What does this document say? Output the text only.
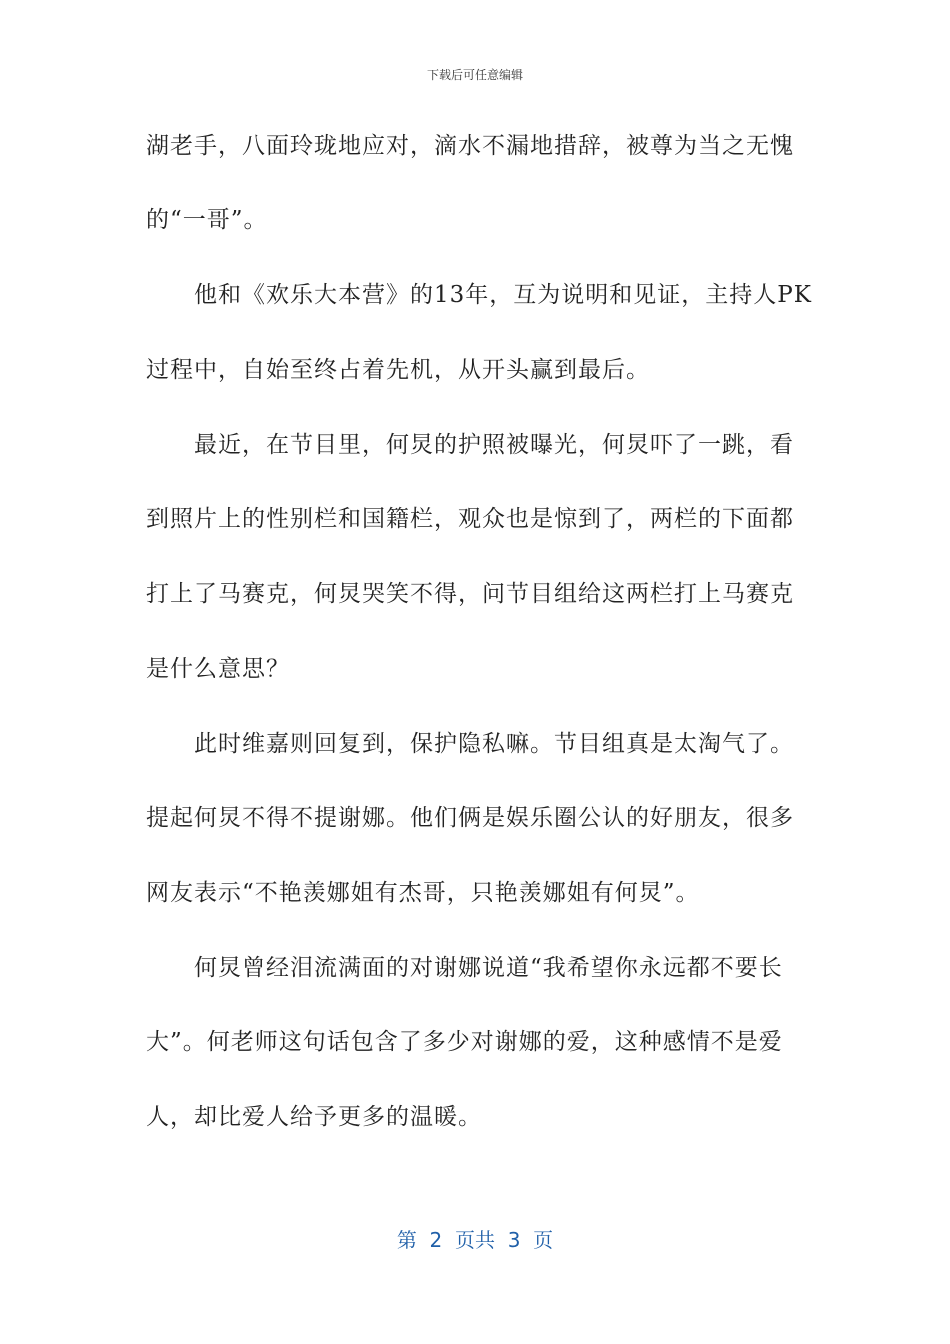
下载后可任意编辑
湖老手，八面玲珑地应对，滴水不漏地措辞，被尊为当之无愧
的“一哥”。
　　他和《欢乐大本营》的13年，互为说明和见证，主持人PK
过程中，自始至终占着先机，从开头赢到最后。
　　最近，在节目里，何炅的护照被曝光，何炅吓了一跳，看
到照片上的性别栏和国籍栏，观众也是惊到了，两栏的下面都
打上了马赛克，何炅哭笑不得，问节目组给这两栏打上马赛克
是什么意思？
　　此时维嘉则回复到，保护隐私嘛。节目组真是太淘气了。
提起何炅不得不提谢娜。他们俩是娱乐圈公认的好朋友，很多
网友表示“不艳羡娜姐有杰哥，只艳羡娜姐有何炅”。
　　何炅曾经泪流满面的对谢娜说道“我希望你永远都不要长
大”。何老师这句话包含了多少对谢娜的爱，这种感情不是爱
人，却比爱人给予更多的温暖。
第  2  页共  3  页
